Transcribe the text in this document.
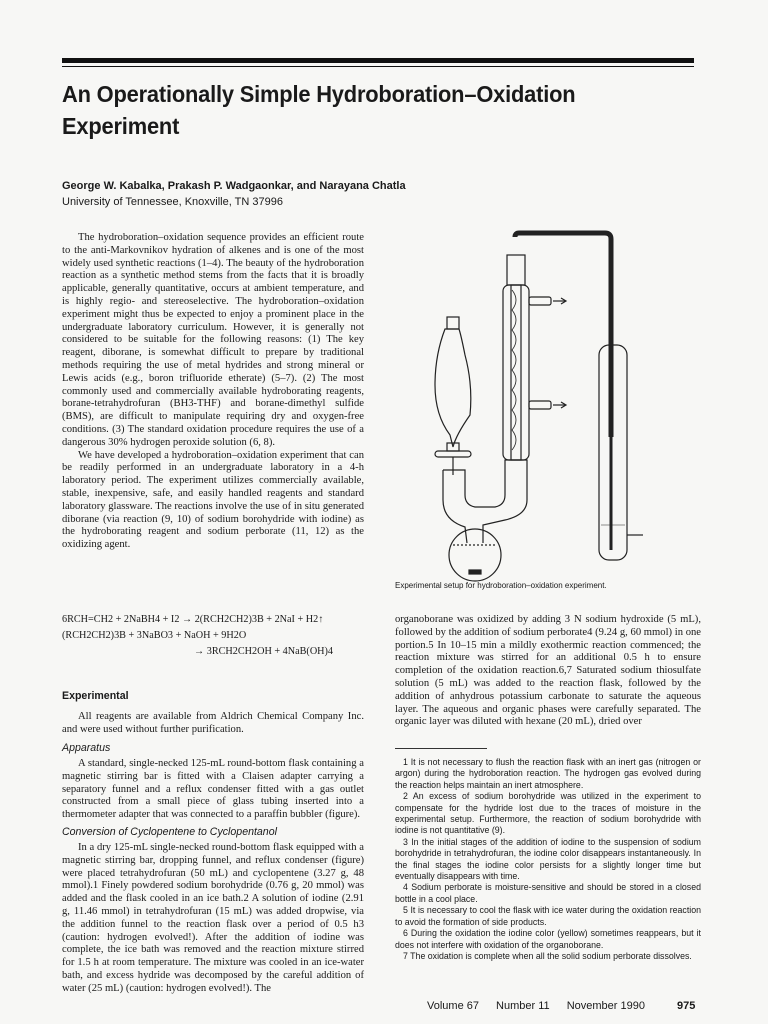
An Operationally Simple Hydroboration–Oxidation
Experiment
George W. Kabalka, Prakash P. Wadgaonkar, and Narayana Chatla
University of Tennessee, Knoxville, TN 37996

The hydroboration–oxidation sequence provides an efficient route to the anti-Markovnikov hydration of alkenes and is one of the most widely used synthetic reactions (1–4). The beauty of the hydroboration reaction as a synthetic method stems from the facts that it is broadly applicable, generally quantitative, occurs at ambient temperature, and is highly regio- and stereoselective. The hydroboration–oxidation experiment might thus be expected to enjoy a prominent place in the undergraduate laboratory curriculum. However, it is generally not considered to be suitable for the following reasons: (1) The key reagent, diborane, is somewhat difficult to prepare by traditional methods requiring the use of metal hydrides and strong mineral or Lewis acids (e.g., boron trifluoride etherate) (5–7). (2) The most commonly used and commercially available hydroborating reagents, borane-tetrahydrofuran (BH3-THF) and borane-dimethyl sulfide (BMS), are difficult to manipulate requiring dry and oxygen-free conditions. (3) The standard oxidation procedure requires the use of a dangerous 30% hydrogen peroxide solution (6, 8).

We have developed a hydroboration–oxidation experiment that can be readily performed in an undergraduate laboratory in a 4-h laboratory period. The experiment utilizes commercially available, stable, inexpensive, safe, and easily handled reagents and standard laboratory glassware. The reactions involve the use of in situ generated diborane (via reaction (9, 10) of sodium borohydride with iodine) as the hydroborating reagent and sodium perborate (11, 12) as the oxidizing agent.

6RCH=CH2 + 2NaBH4 + I2 → 2(RCH2CH2)3B + 2NaI + H2↑
(RCH2CH2)3B + 3NaBO3 + NaOH + 9H2O
→ 3RCH2CH2OH + 4NaB(OH)4
Experimental

All reagents are available from Aldrich Chemical Company Inc. and were used without further purification.

Apparatus

A standard, single-necked 125-mL round-bottom flask containing a magnetic stirring bar is fitted with a Claisen adapter carrying a separatory funnel and a reflux condenser fitted with a gas outlet constructed from a small piece of glass tubing inserted into a thermometer adapter that was connected to a paraffin bubbler (figure).

Conversion of Cyclopentene to Cyclopentanol

In a dry 125-mL single-necked round-bottom flask equipped with a magnetic stirring bar, dropping funnel, and reflux condenser (figure) were placed tetrahydrofuran (50 mL) and cyclopentene (3.27 g, 48 mmol).1 Finely powdered sodium borohydride (0.76 g, 20 mmol) was added and the flask cooled in an ice bath.2 A solution of iodine (2.91 g, 11.46 mmol) in tetrahydrofuran (15 mL) was added dropwise, via the addition funnel to the reaction flask over a period of 0.5 h3 (caution: hydrogen evolved!). After the addition of iodine was complete, the ice bath was removed and the reaction mixture stirred for 1.5 h at room temperature. The mixture was cooled in an ice-water bath, and excess hydride was decomposed by the careful addition of water (25 mL) (caution: hydrogen evolved!). The

Experimental setup for hydroboration–oxidation experiment.

organoborane was oxidized by adding 3 N sodium hydroxide (5 mL), followed by the addition of sodium perborate4 (9.24 g, 60 mmol) in one portion.5 In 10–15 min a mildly exothermic reaction commenced; the reaction mixture was stirred for an additional 0.5 h to ensure completion of the oxidation reaction.6,7 Saturated sodium thiosulfate solution (5 mL) was added to the reaction flask, followed by the addition of anhydrous potassium carbonate to saturate the aqueous layer. The aqueous and organic phases were carefully separated. The organic layer was diluted with hexane (20 mL), dried over

1 It is not necessary to flush the reaction flask with an inert gas (nitrogen or argon) during the hydroboration reaction. The hydrogen gas evolved during the reaction helps maintain an inert atmosphere.

2 An excess of sodium borohydride was utilized in the experiment to compensate for the hydride lost due to the traces of moisture in the experimental setup. Furthermore, the reaction of sodium borohydride with iodine is not quantitative (9).

3 In the initial stages of the addition of iodine to the suspension of sodium borohydride in tetrahydrofuran, the iodine color disappears instantaneously. In the final stages the iodine color persists for a slightly longer time but eventually disappears with time.

4 Sodium perborate is moisture-sensitive and should be stored in a closed bottle in a cool place.

5 It is necessary to cool the flask with ice water during the oxidation reaction to avoid the formation of side products.

6 During the oxidation the iodine color (yellow) sometimes reappears, but it does not interfere with oxidation of the organoborane.

7 The oxidation is complete when all the solid sodium perborate dissolves.

Volume 67 Number 11 November 1990	975
